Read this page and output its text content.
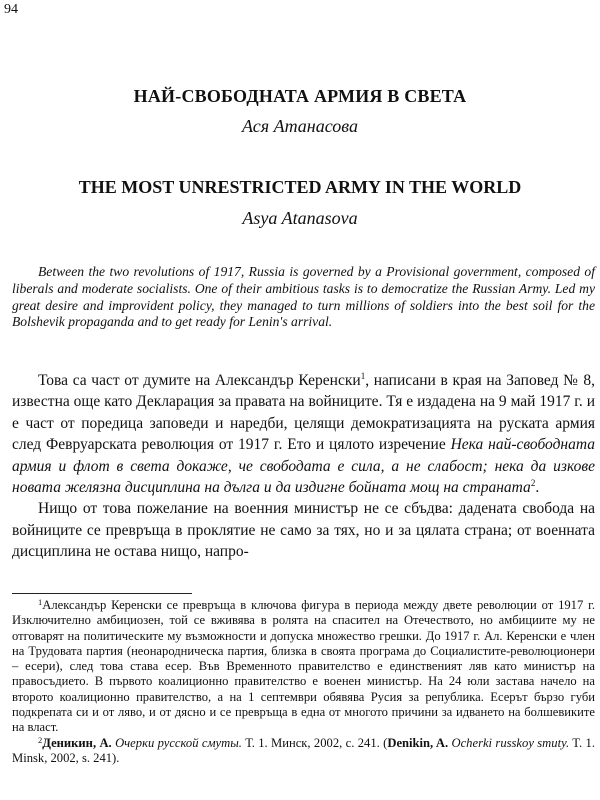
94
НАЙ-СВОБОДНАТА АРМИЯ В СВЕТА
Ася Атанасова
THE MOST UNRESTRICTED ARMY IN THE WORLD
Asya Atanasova

Between the two revolutions of 1917, Russia is governed by a Provisional government, composed of liberals and moderate socialists. One of their ambitious tasks is to democratize the Russian Army. Led my great desire and improvident policy, they managed to turn millions of soldiers into the best soil for the Bolshevik propaganda and to get ready for Lenin's arrival.

Това са част от думите на Александър Керенски$^1$, написани в края на Заповед № 8, известна още като Декларация за правата на войниците. Тя е издадена на 9 май 1917 г. и е част от поредица заповеди и наредби, целящи демократизацията на руската армия след Февруарската революция от 1917 г. Ето и цялото изречение Нека най-свободната армия и флот в света докаже, че свободата е сила, а не слабост; нека да изкове новата желязна дисциплина на дълга и да издигне бойната мощ на страната$^2$.

Нищо от това пожелание на военния министър не се сбъдва: дадената свобода на войниците се превръща в проклятие не само за тях, но и за цялата страна; от военната дисциплина не остава нищо, напро-

$^1$Александър Керенски се превръща в ключова фигура в периода между двете революции от 1917 г. Изключително амбициозен, той се вживява в ролята на спасител на Отечеството, но амбициите му не отговарят на политическите му възможности и допуска множество грешки. До 1917 г. Ал. Керенски е член на Трудовата партия (неонародническа партия, близка в своята програма до Социалистите-революционери – есери), след това става есер. Във Временното правителство е единственият ляв като министър на правосъдието. В първото коалиционно правителство е военен министър. На 24 юли застава начело на второто коалиционно правителство, а на 1 септември обявява Русия за република. Есерът бързо губи подкрепата си и от ляво, и от дясно и се превръща в една от многото причини за идването на болшевиките на власт.

$^2$Деникин, А. Очерки русской смуты. Т. 1. Минск, 2002, с. 241. (Denikin, A. Ocherki russkoy smuty. T. 1. Minsk, 2002, s. 241).
